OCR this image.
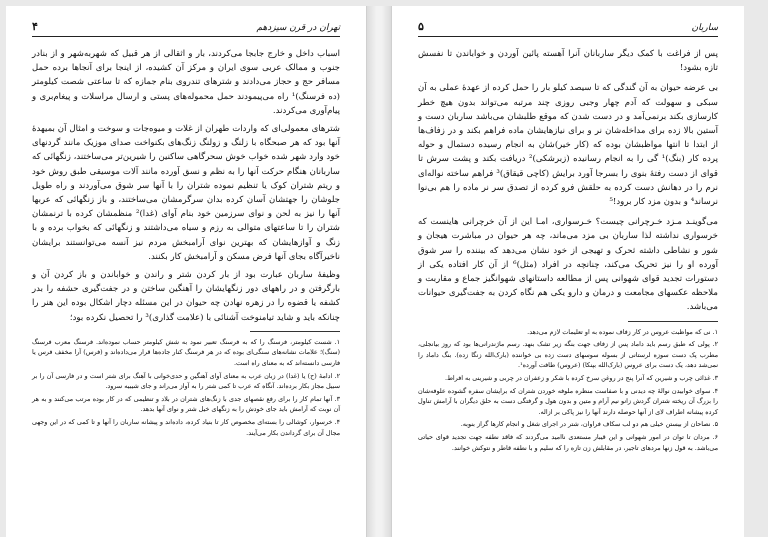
تهران در قرن سیزدهم
۴

اسباب داخل و خارج جابجا می‌کردند، بار و اثقالی از هر قبیل که شهربه‌شهر و از بنادر جنوب و ممالک عربی سوی ایران و مرکز آن کشیده، از اینجا برای آنجاها برده حمل مسافر حج و حجاز می‌دادند و شترهای تندروی بنام جمازه که تا ساعتی شصت کیلومتر (ده فرسنگ)¹ راه می‌پیمودند حمل محموله‌های پستی و ارسال مراسلات و پیغام‌بری و پیام‌آوری می‌کردند.

شترهای معمولی‌ای که واردات طهران از غلات و میوه‌جات و سوخت و امثال آن بمیهدهٔ آنها بود که هر صبحگاه با زلنگ و زولنگ زنگ‌های بکنواخت صدای موزیک مانند گردنهای خود وارد شهر شده خواب خوش سحرگاهی ساکنین را شیرین‌تر می‌ساختند، زنگهائی که ساربانان هنگام حرکت آنها را به نظم و نسق آورده مانند آلات موسیقی طبق روش خود و ریتم شتران کوک یا تنظیم نموده شتران را با آنها سر شوق می‌آوردند و راه طویل جلوشان را جهتشان آسان کرده بدان سرگرمشان می‌ساختند، و باز زنگهائی که عربها آنها را نیز به لحن و نوای سرزمین خود بنام آوای (غدا)² منظمشان کرده با ترنمشان شتران را تا ساعتهای متوالی به رزم و سیاه می‌داشتند و زنگهائی که بخواب برده و با زنگ و آوازهایشان که بهترین نوای آرامبخش مردم نیز آنسه می‌توانستند برایشان ناخیرآگاه بجای آنها فرض مسکن و آرامبخش کار بکنند.

وظیفهٔ ساربان عبارت بود از بار کردن شتر و راندن و خواباندن و باز کردن آن و بارگرفتن و در راههای دور زنگهایشان را آهنگین ساختن و در جفت‌گیری حشفه را بدر کشفه یا قضوه را در زهره نهادن چه حیوان در این مسئله دچار اشکال بوده این هنر را چنانکه باید و شاید تیامنوخت آشنائی با (علامت گذاری)³ را تحصیل نکرده بود؛

۱. شست کیلومتر، فرسنگ را که به فرسنگ تعبیر نمود به شش کیلومتر حساب نموده‌اند. فرسنگ معرب فرسنگ (سنگ)؛ علامات نشانه‌های سنگی‌ای بوده که در هر فرسنگ کنار جاده‌ها قرار می‌داده‌اند و (فرس) آرا مخفف فرس یا فارسی دانسته‌اند که به معنای راه است.

۲. ادامهٔ (ح) یا (غدا) در زبان عرب به معنای آوای آهنگین و حدی‌خوانی با آهنگ برای شتر است و در فارسی آن را بر سبیل مجاز بکار برده‌اند. آنگاه که عرب تا کمی شتر را به آواز می‌راند و جای شیبیه سرود.

۳. آنها تمام کار را برای رفع نقصهای جدی با زنگ‌های شتران در بلاد و تنظیمی که در کار بوده مرتب می‌کنند و به هر آن نوبت که آرامش باید جای خودش را به زنگهای خیل شتر و نوای آنها بدهد.

۴. خرسوار، کوشالی را بسته‌ای مخصوص کار تا بنیاد کرده، داده‌اند و پیشانه ساربان را آنها و تا کمی که در این وجهی مجال آن برای گرداندن بکار می‌آیند.

ساربان
۵

پس از فراغت با کمک دیگر ساربانان آنرا آهسته پائین آوردن و خواباندن تا نفسش تازه بشود!

بی عرضه حیوان به آن گندگی که تا سیصد کیلو بار را حمل کرده از عهدهٔ عملی به آن سبکی و سهولت که آدم چهار وجبی روزی چند مرتبه می‌تواند بدون هیچ خطر کارسازی بکند برنمی‌آمد و در دست شدن که موقع طلبشان می‌باشد ساربان دست و آستین بالا زده برای مداخله‌شان نر و برای نیازهایشان ماده فراهم بکند و در زفاف‌ها از ابتدا تا انتها مواظبشان بوده که (کار خیر)شان به انجام رسیده دستمال و حوله پرده کار (بنگ)¹ گی را به انجام رسانیده (زبرشکی)² دریافت بکند و پشت سرش تا قوای از دست رفتهٔ بنوی را بسرجا آورد برایش (کاچی قیقاق)³ فراهم ساخته نواله‌ای نرم را در دهانش دست کرده به حلقش فرو کرده از تصدق سر نر ماده را هم بی‌نوا نرساند⁴ و بدون مزد کار برود!⁵

می‌گوینـد مـزد خـرچرانی چیست؟ خـرسواری، امـا این از آن خرچرانی هاینست که خرسواری نداشته لذا ساربان بی مزد می‌ماند، چه هر حیوان در مباشرت هیجان و شور و نشاطی داشته ثحرک و تهیجی از خود نشان می‌دهد که بیننده را سر شوق آورده او را نیز تحریک می‌کند، چنانچه در افراد (مثل)⁶ از آن کار افتاده یکی از دستورات تجدید قوای شهوانی پس از مطالعه داستانهای شهوانگیز جماع و مقاربت و ملاحظه عکسهای مجامعت و درمان و دارو یکی هم نگاه کردن به جفت‌گیری حیوانات می‌باشد.

۱. نی که مواظبت عروس در کار زفاف نموده به او تعلیمات لازم می‌دهد.

۲. پولی که طبق رسم باید داماد پس از زفاف جهت بنگه زیر تشک بنهد. رسم ماژندرانی‌ها بود که روز بیانجلی، مطرب پک دست سوزه لرستانی از بسوله سوسهای دست زده بی خواننده (بارک‌الله زنگا زده). بنگ داماد را نمی‌شد دهد، یک دست برای عروس (بارک‌الله بپنکا) (عروس) طافت آورده¹.

۳. غذائی چرب و شیرین که آنرا پنج در روغن سرخ کرده با شکر و زعفران در چربی و شیرینی به افراط.

۴. سوای خوابیدن نوالهٔ چه دیدنی و با صفاست منظره ملوفه خوردن شتران که برایشان سفره گشوده علوفه‌شان را بزرگ آن ریخته شتران گردش زانو نیم آرام و متین و بدون هول و گرفتگی دست به حلق دیگران با آرامش تناول کرده پیشانه اطراف لای از آنها حوصله دارند آنها را نیز پاکی بر ازاله.

۵. نصاحان از بیستن خیلی هم دو لب سکاف فراوان، شتر در اجرای شغل و انجام کارها گراز بنوبه.

۶. مردان تا توان در امور شهوانی و این قیبار مستعدی ناامید می‌گردند که فاقد نطفه جهت تجدید قوای حیاتی می‌باشد. به قول زنها مردهای تاجیر، در مقابلش زن تازه را که سلیم و با نطفه قاطر و نتوکش خوانند.
